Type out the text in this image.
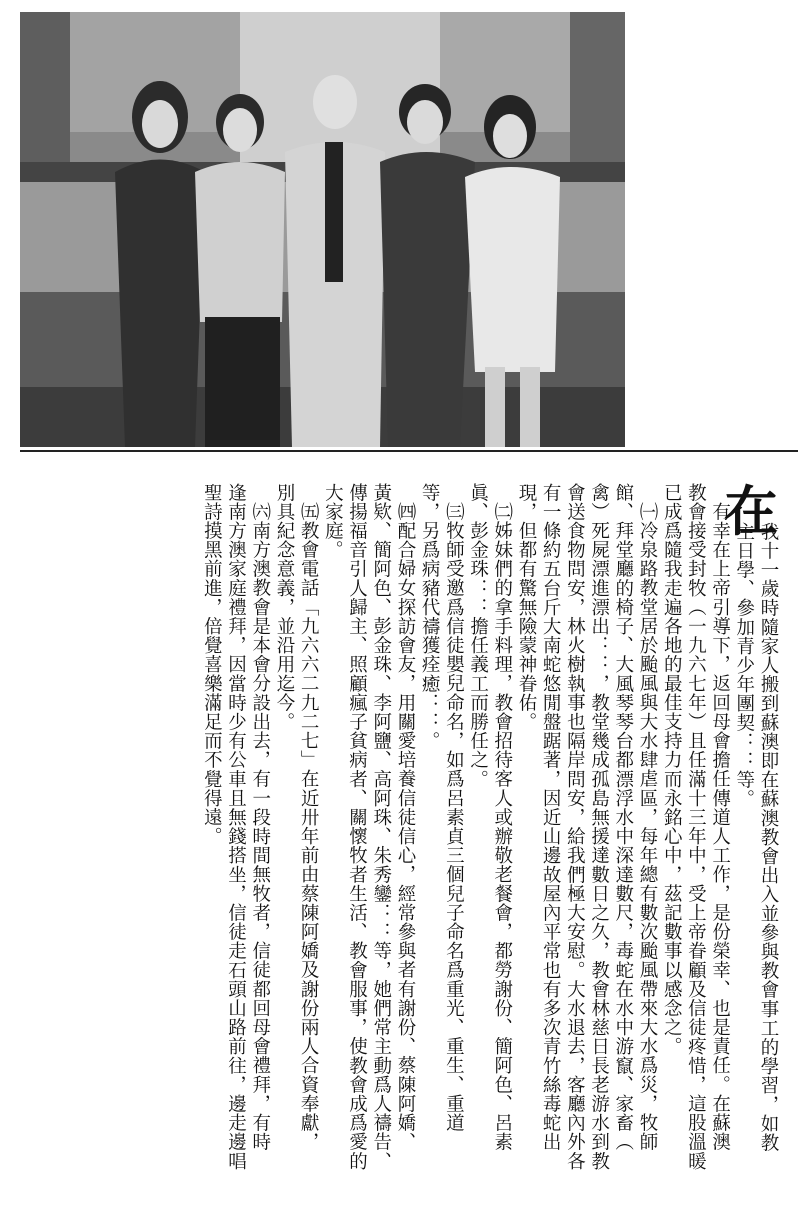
在

我十一歲時隨家人搬到蘇澳即在蘇澳教會出入並參與教會事工的學習，如教

主日學、參加青少年團契：：等。

有幸在上帝引導下，返回母會擔任傳道人工作，是份榮幸、也是責任。在蘇澳

教會接受封牧（一九六七年）且任滿十三年中，受上帝眷顧及信徒疼惜，這股溫暖

已成爲隨我走遍各地的最佳支持力而永銘心中，茲記數事以感念之。

㈠冷泉路教堂居於颱風與大水肆虐區，每年總有數次颱風帶來大水爲災，牧師

館、拜堂廳的椅子、大風琴琴台都漂浮水中深達數尺，毒蛇在水中游竄、家畜（

禽）死屍漂進漂出：：，教堂幾成孤島無援達數日之久，教會林慈日長老游水到教

會送食物問安，林火樹執事也隔岸問安，給我們極大安慰。大水退去，客廳內外各

有一條約五台斤大南蛇悠閒盤踞著，因近山邊故屋內平常也有多次青竹絲毒蛇出

現，但都有驚無險蒙神眷佑。

㈡姊妹們的拿手料理，教會招待客人或辦敬老餐會，都勞謝份、簡阿色、呂素

眞、彭金珠：：擔任義工而勝任之。

㈢牧師受邀爲信徒嬰兒命名，如爲呂素貞三個兒子命名爲重光、重生、重道

等，另爲病豬代禱獲痊癒：：。

㈣配合婦女探訪會友，用關愛培養信徒信心，經常參與者有謝份、蔡陳阿嬌、

黃欵、簡阿色、彭金珠、李阿鹽、高阿珠、朱秀鑾：：等，她們常主動爲人禱告、

傳揚福音引人歸主、照顧瘋子貧病者、關懷牧者生活、教會服事，使教會成爲愛的

大家庭。

㈤教會電話「九六六二九二七」在近卅年前由蔡陳阿嬌及謝份兩人合資奉獻，

別具紀念意義，並沿用迄今。

㈥南方澳教會是本會分設出去，有一段時間無牧者，信徒都回母會禮拜，有時

逢南方澳家庭禮拜，因當時少有公車且無錢搭坐，信徒走石頭山路前往，邊走邊唱

聖詩摸黑前進，倍覺喜樂滿足而不覺得遠。
